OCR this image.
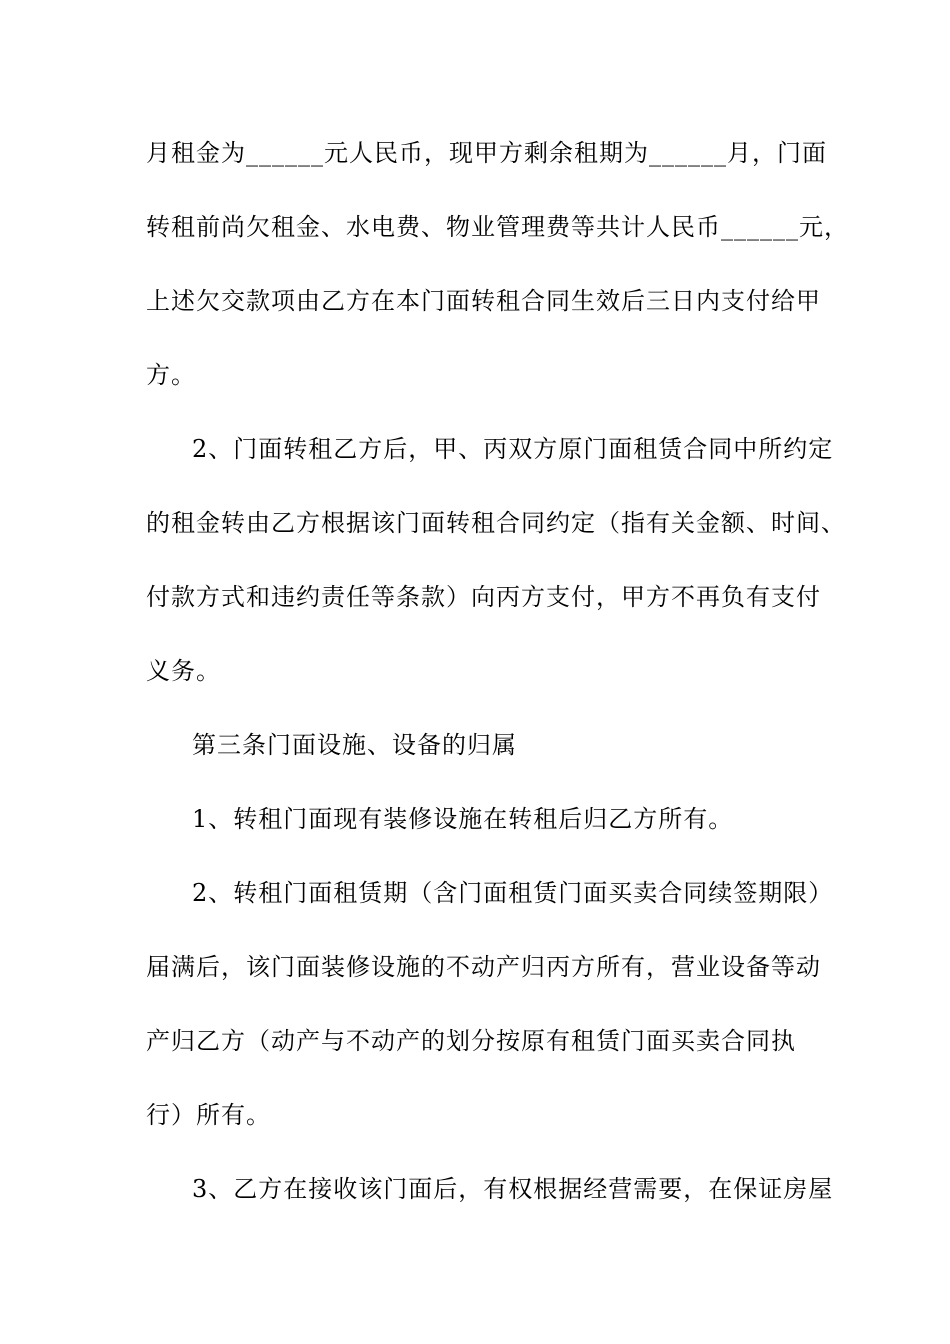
月租金为______元人民币，现甲方剩余租期为______月，门面
转租前尚欠租金、水电费、物业管理费等共计人民币______元，
上述欠交款项由乙方在本门面转租合同生效后三日内支付给甲
方。
2、门面转租乙方后，甲、丙双方原门面租赁合同中所约定
的租金转由乙方根据该门面转租合同约定（指有关金额、时间、
付款方式和违约责任等条款）向丙方支付，甲方不再负有支付
义务。
第三条门面设施、设备的归属
1、转租门面现有装修设施在转租后归乙方所有。
2、转租门面租赁期（含门面租赁门面买卖合同续签期限）
届满后，该门面装修设施的不动产归丙方所有，营业设备等动
产归乙方（动产与不动产的划分按原有租赁门面买卖合同执
行）所有。
3、乙方在接收该门面后，有权根据经营需要，在保证房屋
